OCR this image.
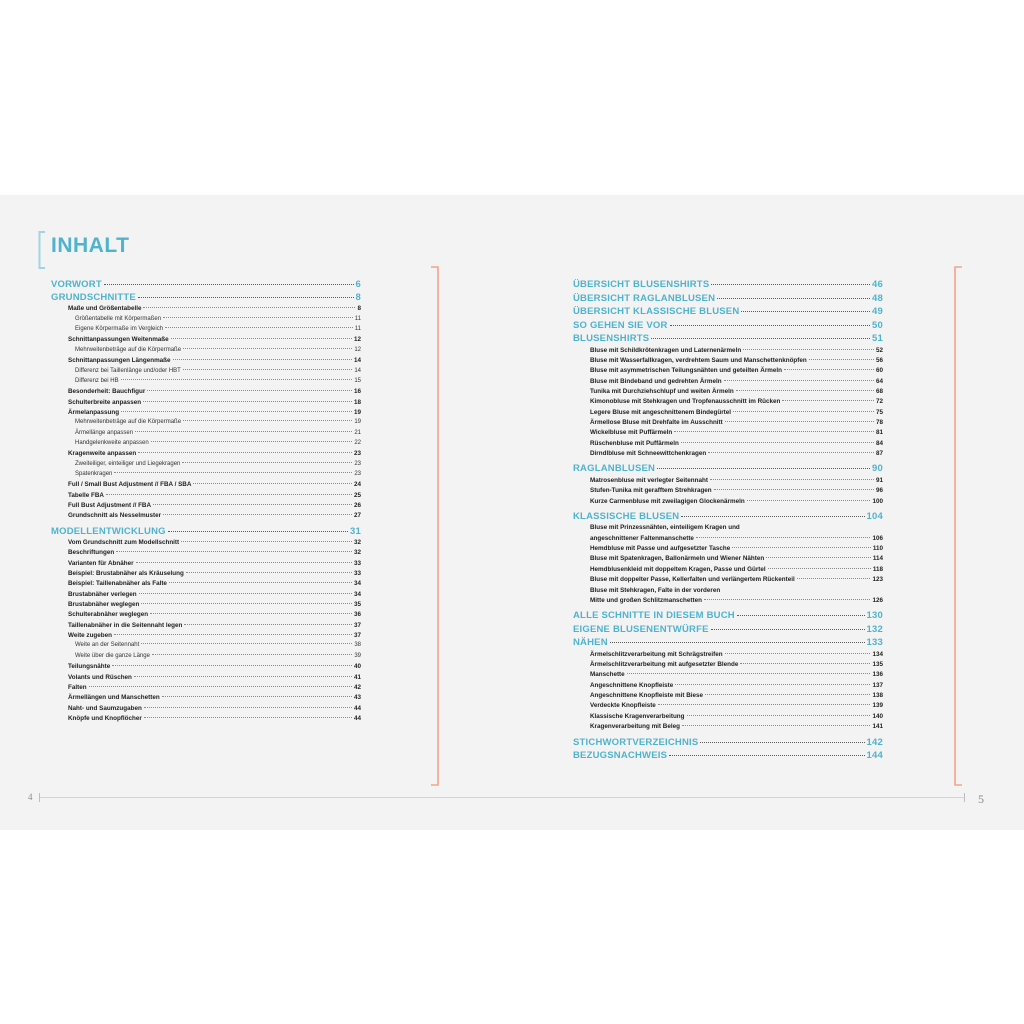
INHALT
4	5
VORWORT	6
GRUNDSCHNITTE	8
Maße und Größentabelle	8
Größentabelle mit Körpermaßen	11
Eigene Körpermaße im Vergleich	11
Schnittanpassungen Weitenmaße	12
Mehrweitenbeträge auf die Körpermaße	12
Schnittanpassungen Längenmaße	14
Differenz bei Taillenlänge und/oder HBT	14
Differenz bei HB	15
Besonderheit: Bauchfigur	16
Schulterbreite anpassen	18
Ärmelanpassung	19
Mehrweitenbeträge auf die Körpermaße	19
Ärmellänge anpassen	21
Handgelenkweite anpassen	22
Kragenweite anpassen	23
Zweiteiliger, einteiliger und Liegekragen	23
Spatenkragen	23
Full / Small Bust Adjustment // FBA / SBA	24
Tabelle FBA	25
Full Bust Adjustment // FBA	26
Grundschnitt als Nesselmuster	27
MODELLENTWICKLUNG	31
Vom Grundschnitt zum Modellschnitt	32
Beschriftungen	32
Varianten für Abnäher	33
Beispiel: Brustabnäher als Kräuselung	33
Beispiel: Taillenabnäher als Falte	34
Brustabnäher verlegen	34
Brustabnäher weglegen	35
Schulterabnäher weglegen	36
Taillenabnäher in die Seitennaht legen	37
Weite zugeben	37
Weite an der Seitennaht	38
Weite über die ganze Länge	39
Teilungsnähte	40
Volants und Rüschen	41
Falten	42
Ärmellängen und Manschetten	43
Naht- und Saumzugaben	44
Knöpfe und Knopflöcher	44
ÜBERSICHT BLUSENSHIRTS	46
ÜBERSICHT RAGLANBLUSEN	48
ÜBERSICHT KLASSISCHE BLUSEN	49
SO GEHEN SIE VOR	50
BLUSENSHIRTS	51
Bluse mit Schildkrötenkragen und Laternenärmeln	52
Bluse mit Wasserfallkragen, verdrehtem Saum und Manschettenknöpfen	56
Bluse mit asymmetrischen Teilungsnähten und geteilten Ärmeln	60
Bluse mit Bindeband und gedrehten Ärmeln	64
Tunika mit Durchziehschlupf und weiten Ärmeln	68
Kimonobluse mit Stehkragen und Tropfenausschnitt im Rücken	72
Legere Bluse mit angeschnittenem Bindegürtel	75
Ärmellose Bluse mit Drehfalte im Ausschnitt	78
Wickelbluse mit Puffärmeln	81
Rüschenbluse mit Puffärmeln	84
Dirndlbluse mit Schneewittchenkragen	87
RAGLANBLUSEN	90
Matrosenbluse mit verlegter Seitennaht	91
Stufen-Tunika mit gerafftem Strehkragen	96
Kurze Carmenbluse mit zweilagigen Glockenärmeln	100
KLASSISCHE BLUSEN	104
Bluse mit Prinzessnähten, einteiligem Kragen und
angeschnittener Faltenmanschette	106
Hemdbluse mit Passe und aufgesetzter Tasche	110
Bluse mit Spatenkragen, Ballonärmeln und Wiener Nähten	114
Hemdblusenkleid mit doppeltem Kragen, Passe und Gürtel	118
Bluse mit doppelter Passe, Kellerfalten und verlängertem Rückenteil	123
Bluse mit Stehkragen, Falte in der vorderen
Mitte und großen Schlitzmanschetten	126
ALLE SCHNITTE IN DIESEM BUCH	130
EIGENE BLUSENENTWÜRFE	132
NÄHEN	133
Ärmelschlitzverarbeitung mit Schrägstreifen	134
Ärmelschlitzverarbeitung mit aufgesetzter Blende	135
Manschette	136
Angeschnittene Knopfleiste	137
Angeschnittene Knopfleiste mit Biese	138
Verdeckte Knopfleiste	139
Klassische Kragenverarbeitung	140
Kragenverarbeitung mit Beleg	141
STICHWORTVERZEICHNIS	142
BEZUGSNACHWEIS	144
